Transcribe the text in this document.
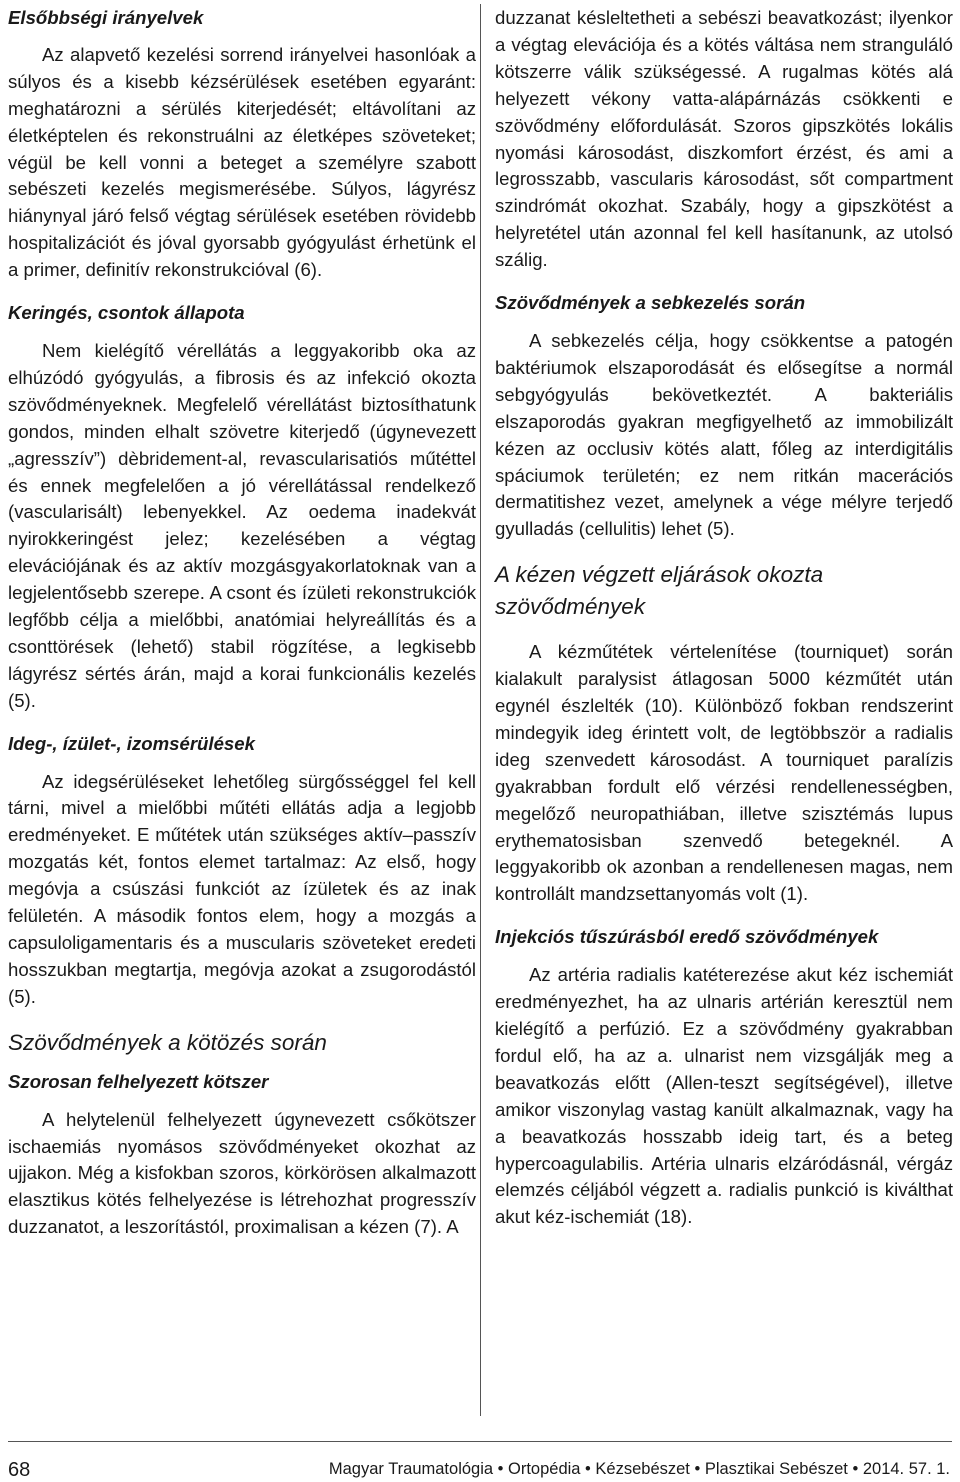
Elsőbbségi irányelvek

Az alapvető kezelési sorrend irányelvei hasonlóak a súlyos és a kisebb kézsérülések esetében egyaránt: meghatározni a sérülés kiterjedését; eltávolítani az életképtelen és rekonstruálni az életképes szöveteket; végül be kell vonni a beteget a személyre szabott sebészeti kezelés megismerésébe. Súlyos, lágyrész hiánynyal járó felső végtag sérülések esetében rövidebb hospitalizációt és jóval gyorsabb gyógyulást érhetünk el a primer, definitív rekonstrukcióval (6).

Keringés, csontok állapota

Nem kielégítő vérellátás a leggyakoribb oka az elhúzódó gyógyulás, a fibrosis és az infekció okozta szövődményeknek. Megfelelő vérellátást biztosíthatunk gondos, minden elhalt szövetre kiterjedő (úgynevezett „agresszív”) dèbridement-al, revascularisatiós műtéttel és ennek megfelelően a jó vérellátással rendelkező (vascularisált) lebenyekkel. Az oedema inadekvát nyirokkeringést jelez; kezelésében a végtag elevációjának és az aktív mozgásgyakorlatoknak van a legjelentősebb szerepe. A csont és ízületi rekonstrukciók legfőbb célja a mielőbbi, anatómiai helyreállítás és a csonttörések (lehető) stabil rögzítése, a legkisebb lágyrész sértés árán, majd a korai funkcionális kezelés (5).

Ideg-, ízület-, izomsérülések

Az idegsérüléseket lehetőleg sürgősséggel fel kell tárni, mivel a mielőbbi műtéti ellátás adja a legjobb eredményeket. E műtétek után szükséges aktív–passzív mozgatás két, fontos elemet tartalmaz: Az első, hogy megóvja a csúszási funkciót az ízületek és az inak felületén. A második fontos elem, hogy a mozgás a capsuloligamentaris és a muscularis szöveteket eredeti hosszukban megtartja, megóvja azokat a zsugorodástól (5).

Szövődmények a kötözés során
Szorosan felhelyezett kötszer

A helytelenül felhelyezett úgynevezett csőkötszer ischaemiás nyomásos szövődményeket okozhat az ujjakon. Még a kisfokban szoros, körkörösen alkalmazott elasztikus kötés felhelyezése is létrehozhat progresszív duzzanatot, a leszorítástól, proximalisan a kézen (7). A

duzzanat késleltetheti a sebészi beavatkozást; ilyenkor a végtag elevációja és a kötés váltása nem stranguláló kötszerre válik szükségessé. A rugalmas kötés alá helyezett vékony vatta-alápárnázás csökkenti e szövődmény előfordulását. Szoros gipszkötés lokális nyomási károsodást, diszkomfort érzést, és ami a legrosszabb, vascularis károsodást, sőt compartment szindrómát okozhat. Szabály, hogy a gipszkötést a helyretétel után azonnal fel kell hasítanunk, az utolsó szálig.

Szövődmények a sebkezelés során

A sebkezelés célja, hogy csökkentse a patogén baktériumok elszaporodását és elősegítse a normál sebgyógyulás bekövetkeztét. A bakteriális elszaporodás gyakran megfigyelhető az immobilizált kézen az occlusiv kötés alatt, főleg az interdigitális spáciumok területén; ez nem ritkán macerációs dermatitishez vezet, amelynek a vége mélyre terjedő gyulladás (cellulitis) lehet (5).

A kézen végzett eljárások okozta szövődmények

A kézműtétek vértelenítése (tourniquet) során kialakult paralysist átlagosan 5000 kézműtét után egynél észlelték (10). Különböző fokban rendszerint mindegyik ideg érintett volt, de legtöbbször a radialis ideg szenvedett károsodást. A tourniquet paralízis gyakrabban fordult elő vérzési rendellenességben, megelőző neuropathiában, illetve szisztémás lupus erythematosisban szenvedő betegeknél. A leggyakoribb ok azonban a rendellenesen magas, nem kontrollált mandzsettanyomás volt (1).

Injekciós tűszúrásból eredő szövődmények

Az artéria radialis katéterezése akut kéz ischemiát eredményezhet, ha az ulnaris artérián keresztül nem kielégítő a perfúzió. Ez a szövődmény gyakrabban fordul elő, ha az a. ulnarist nem vizsgálják meg a beavatkozás előtt (Allen-teszt segítségével), illetve amikor viszonylag vastag kanült alkalmaznak, vagy ha a beavatkozás hosszabb ideig tart, és a beteg hypercoagulabilis. Artéria ulnaris elzáródásnál, vérgáz elemzés céljából végzett a. radialis punkció is kiválthat akut kéz-ischemiát (18).

68	Magyar Traumatológia • Ortopédia • Kézsebészet • Plasztikai Sebészet • 2014. 57. 1.
